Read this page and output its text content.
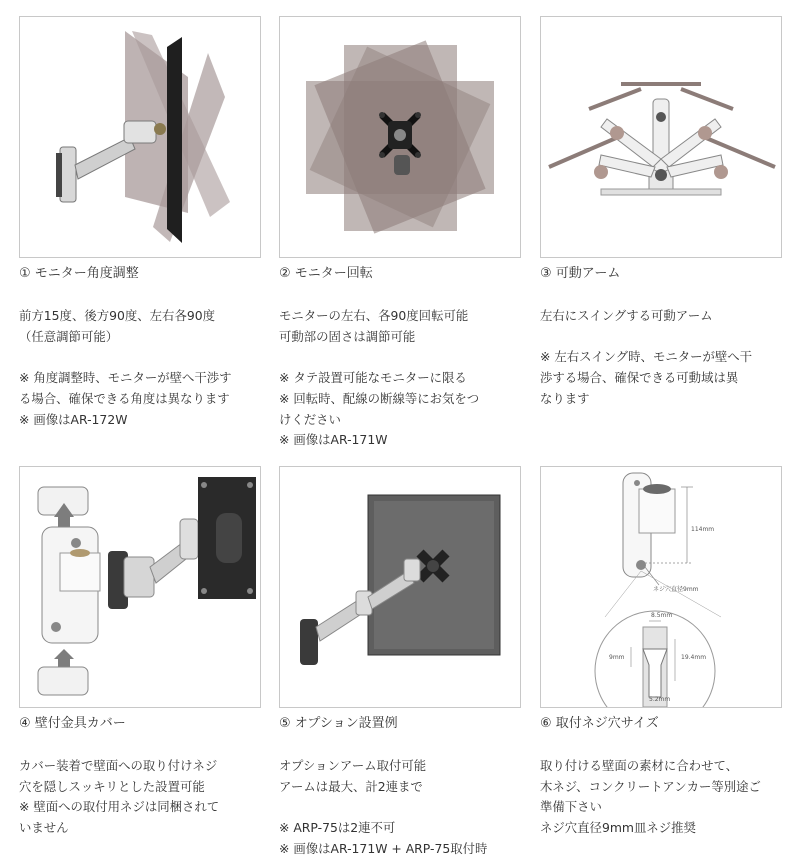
① モニター角度調整

前方15度、後方90度、左右各90度

（任意調節可能）

※ 角度調整時、モニターが壁へ干渉す

る場合、確保できる角度は異なります

※ 画像はAR-172W

② モニター回転

モニターの左右、各90度回転可能

可動部の固さは調節可能

※ タテ設置可能なモニターに限る

※ 回転時、配線の断線等にお気をつ

けください

※ 画像はAR-171W

③ 可動アーム

左右にスイングする可動アーム

※ 左右スイング時、モニターが壁へ干

渉する場合、確保できる可動域は異

なります

④ 壁付金具カバー

カバー装着で壁面への取り付けネジ

穴を隠しスッキリとした設置可能

※ 壁面への取付用ネジは同梱されて

いません

⑤ オプション設置例

オプションアーム取付可能

アームは最大、計2連まで

※ ARP-75は2連不可

※ 画像はAR-171W + ARP-75取付時

114mm
ネジ穴直径9mm
8.5mm
9mm	19.4mm
5.2mm
⑥ 取付ネジ穴サイズ

取り付ける壁面の素材に合わせて、

木ネジ、コンクリートアンカー等別途ご

準備下さい

ネジ穴直径9mm皿ネジ推奨
